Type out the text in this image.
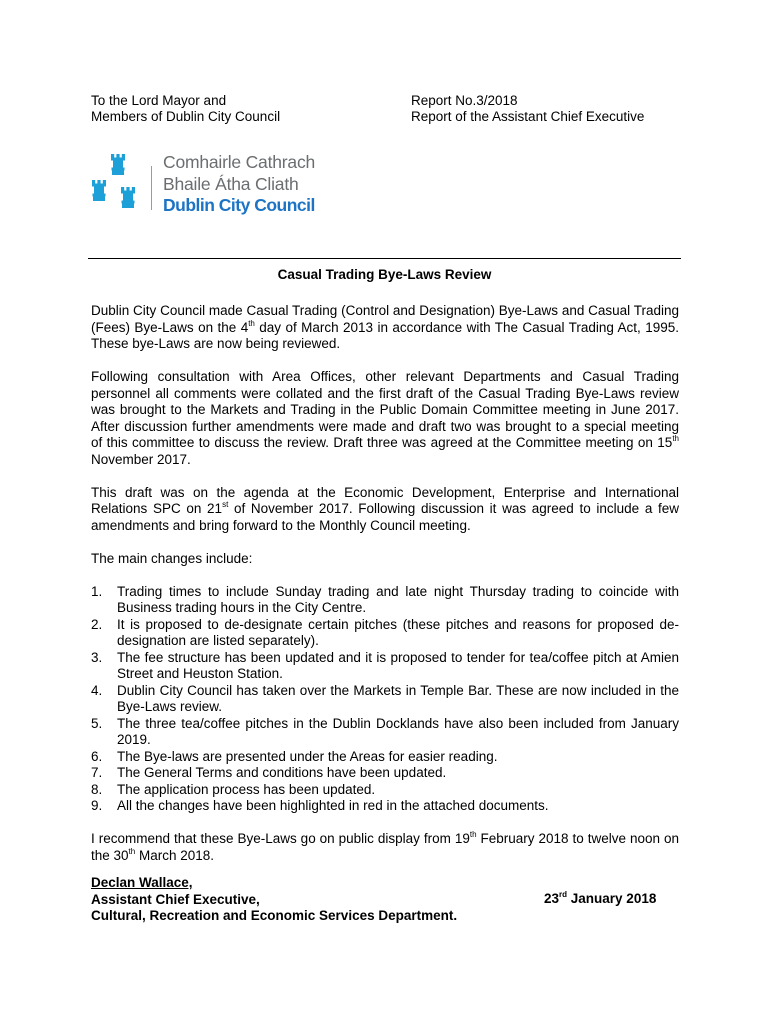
To the Lord Mayor and
Members of Dublin City Council
Report No.3/2018
Report of the Assistant Chief Executive
Comhairle Cathrach
Bhaile Átha Cliath
Dublin City Council
Casual Trading Bye-Laws Review

Dublin City Council made Casual Trading (Control and Designation) Bye-Laws and Casual Trading (Fees) Bye-Laws on the 4th day of March 2013 in accordance with The Casual Trading Act, 1995. These bye-Laws are now being reviewed.

Following consultation with Area Offices, other relevant Departments and Casual Trading personnel all comments were collated and the first draft of the Casual Trading Bye-Laws review was brought to the Markets and Trading in the Public Domain Committee meeting in June 2017. After discussion further amendments were made and draft two was brought to a special meeting of this committee to discuss the review. Draft three was agreed at the Committee meeting on 15th November 2017.

This draft was on the agenda at the Economic Development, Enterprise and International Relations SPC on 21st of November 2017. Following discussion it was agreed to include a few amendments and bring forward to the Monthly Council meeting.

The main changes include:

1. Trading times to include Sunday trading and late night Thursday trading to coincide with Business trading hours in the City Centre.
2. It is proposed to de-designate certain pitches (these pitches and reasons for proposed de-designation are listed separately).
3. The fee structure has been updated and it is proposed to tender for tea/coffee pitch at Amien Street and Heuston Station.
4. Dublin City Council has taken over the Markets in Temple Bar. These are now included in the Bye-Laws review.
5. The three tea/coffee pitches in the Dublin Docklands have also been included from January 2019.
6. The Bye-laws are presented under the Areas for easier reading.
7. The General Terms and conditions have been updated.
8. The application process has been updated.
9. All the changes have been highlighted in red in the attached documents.

I recommend that these Bye-Laws go on public display from 19th February 2018 to twelve noon on the 30th March 2018.

Declan Wallace,
Assistant Chief Executive,
Cultural, Recreation and Economic Services Department.
23rd January 2018
